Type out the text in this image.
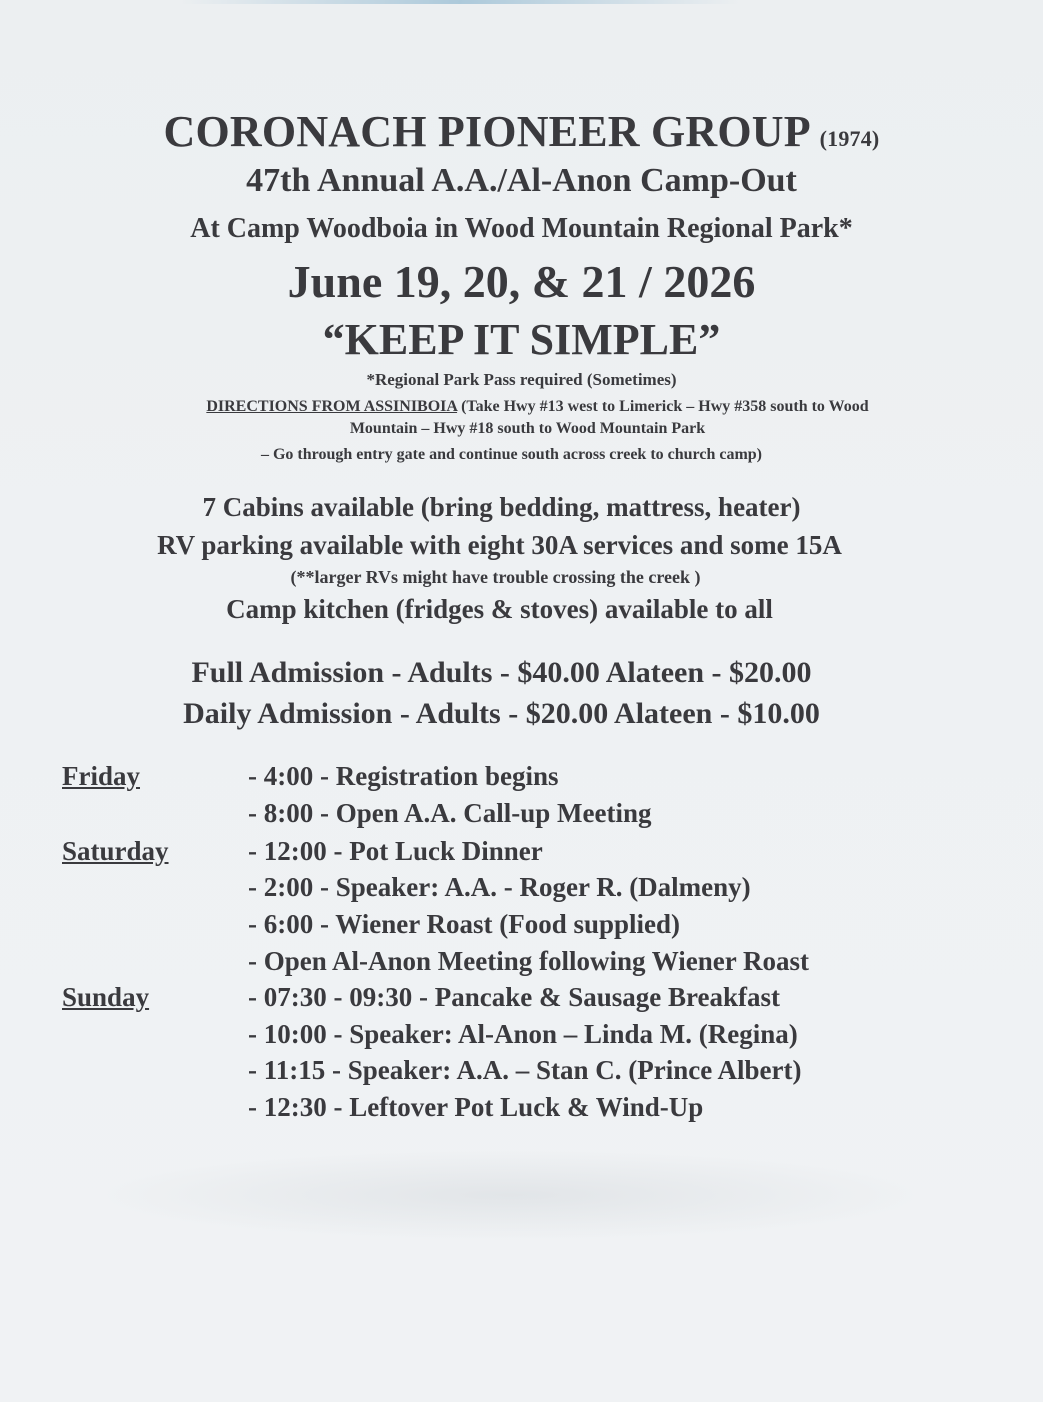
CORONACH PIONEER GROUP (1974)
47th Annual A.A./Al-Anon Camp-Out
At Camp Woodboia in Wood Mountain Regional Park*
June 19, 20, & 21 / 2026
“KEEP IT SIMPLE”
*Regional Park Pass required (Sometimes)
DIRECTIONS FROM ASSINIBOIA (Take Hwy #13 west to Limerick – Hwy #358 south to Wood
Mountain – Hwy #18 south to Wood Mountain Park
– Go through entry gate and continue south across creek to church camp)
7 Cabins available (bring bedding, mattress, heater)
RV parking available with eight 30A services and some 15A
(**larger RVs might have trouble crossing the creek )
Camp kitchen (fridges & stoves) available to all
Full Admission - Adults - $40.00 Alateen - $20.00
Daily Admission - Adults - $20.00 Alateen - $10.00
Friday
Saturday
Sunday
- 4:00 - Registration begins
- 8:00 - Open A.A. Call-up Meeting
- 12:00 - Pot Luck Dinner
- 2:00 - Speaker: A.A. - Roger R. (Dalmeny)
- 6:00 - Wiener Roast (Food supplied)
- Open Al-Anon Meeting following Wiener Roast
- 07:30 - 09:30 - Pancake & Sausage Breakfast
- 10:00 - Speaker: Al-Anon – Linda M. (Regina)
- 11:15 - Speaker: A.A. – Stan C. (Prince Albert)
- 12:30 - Leftover Pot Luck & Wind-Up
